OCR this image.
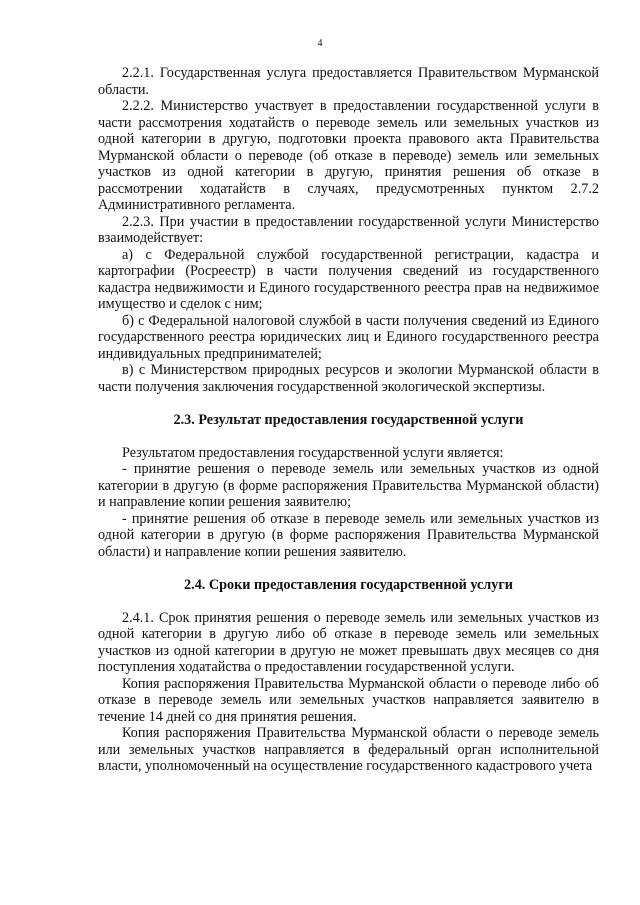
4

2.2.1. Государственная услуга предоставляется Правительством Мурманской области.

2.2.2. Министерство участвует в предоставлении государственной услуги в части рассмотрения ходатайств о переводе земель или земельных участков из одной категории в другую, подготовки проекта правового акта Правительства Мурманской области о переводе (об отказе в переводе) земель или земельных участков из одной категории в другую, принятия решения об отказе в рассмотрении ходатайств в случаях, предусмотренных пунктом 2.7.2 Административного регламента.

2.2.3. При участии в предоставлении государственной услуги Министерство взаимодействует:

а) с Федеральной службой государственной регистрации, кадастра и картографии (Росреестр) в части получения сведений из государственного кадастра недвижимости и Единого государственного реестра прав на недвижимое имущество и сделок с ним;

б) с Федеральной налоговой службой в части получения сведений из Единого государственного реестра юридических лиц и Единого государственного реестра индивидуальных предпринимателей;

в) с Министерством природных ресурсов и экологии Мурманской области в части получения заключения государственной экологической экспертизы.

2.3. Результат предоставления государственной услуги

Результатом предоставления государственной услуги является:

- принятие решения о переводе земель или земельных участков из одной категории в другую (в форме распоряжения Правительства Мурманской области) и направление копии решения заявителю;

- принятие решения об отказе в переводе земель или земельных участков из одной категории в другую (в форме распоряжения Правительства Мурманской области) и направление копии решения заявителю.

2.4. Сроки предоставления государственной услуги

2.4.1. Срок принятия решения о переводе земель или земельных участков из одной категории в другую либо об отказе в переводе земель или земельных участков из одной категории в другую не может превышать двух месяцев со дня поступления ходатайства о предоставлении государственной услуги.

Копия распоряжения Правительства Мурманской области о переводе либо об отказе в переводе земель или земельных участков направляется заявителю в течение 14 дней со дня принятия решения.

Копия распоряжения Правительства Мурманской области о переводе земель или земельных участков направляется в федеральный орган исполнительной власти, уполномоченный на осуществление государственного кадастрового учета
